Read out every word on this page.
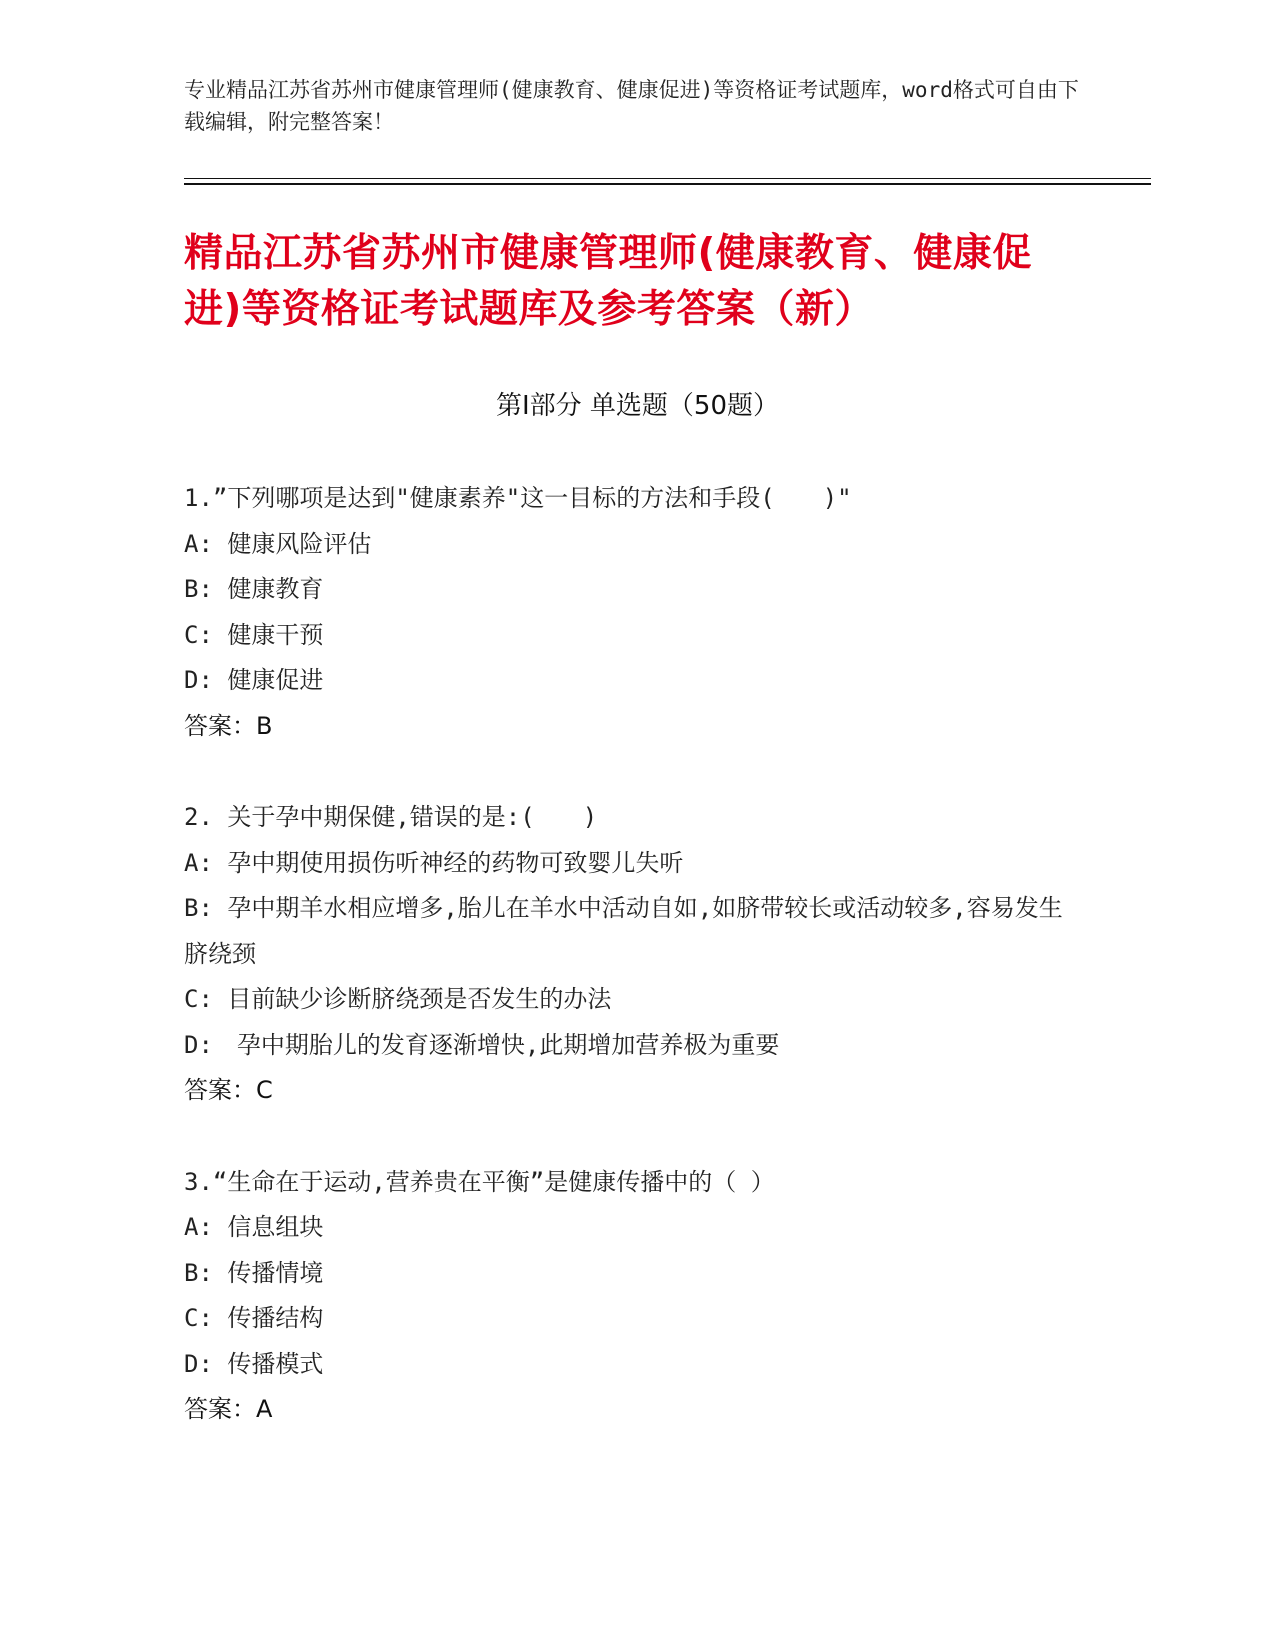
专业精品江苏省苏州市健康管理师(健康教育、健康促进)等资格证考试题库，word格式可自由下载编辑，附完整答案！
精品江苏省苏州市健康管理师(健康教育、健康促进)等资格证考试题库及参考答案（新）
第Ⅰ部分 单选题（50题）
1.”下列哪项是达到"健康素养"这一目标的方法和手段(　　)"
A: 健康风险评估
B: 健康教育
C: 健康干预
D: 健康促进
答案：B
2. 关于孕中期保健,错误的是:(　　)
A: 孕中期使用损伤听神经的药物可致婴儿失听
B: 孕中期羊水相应增多,胎儿在羊水中活动自如,如脐带较长或活动较多,容易发生脐绕颈
C: 目前缺少诊断脐绕颈是否发生的办法
D:　孕中期胎儿的发育逐渐增快,此期增加营养极为重要
答案：C
3.“生命在于运动,营养贵在平衡”是健康传播中的（ ）
A: 信息组块
B: 传播情境
C: 传播结构
D: 传播模式
答案：A
